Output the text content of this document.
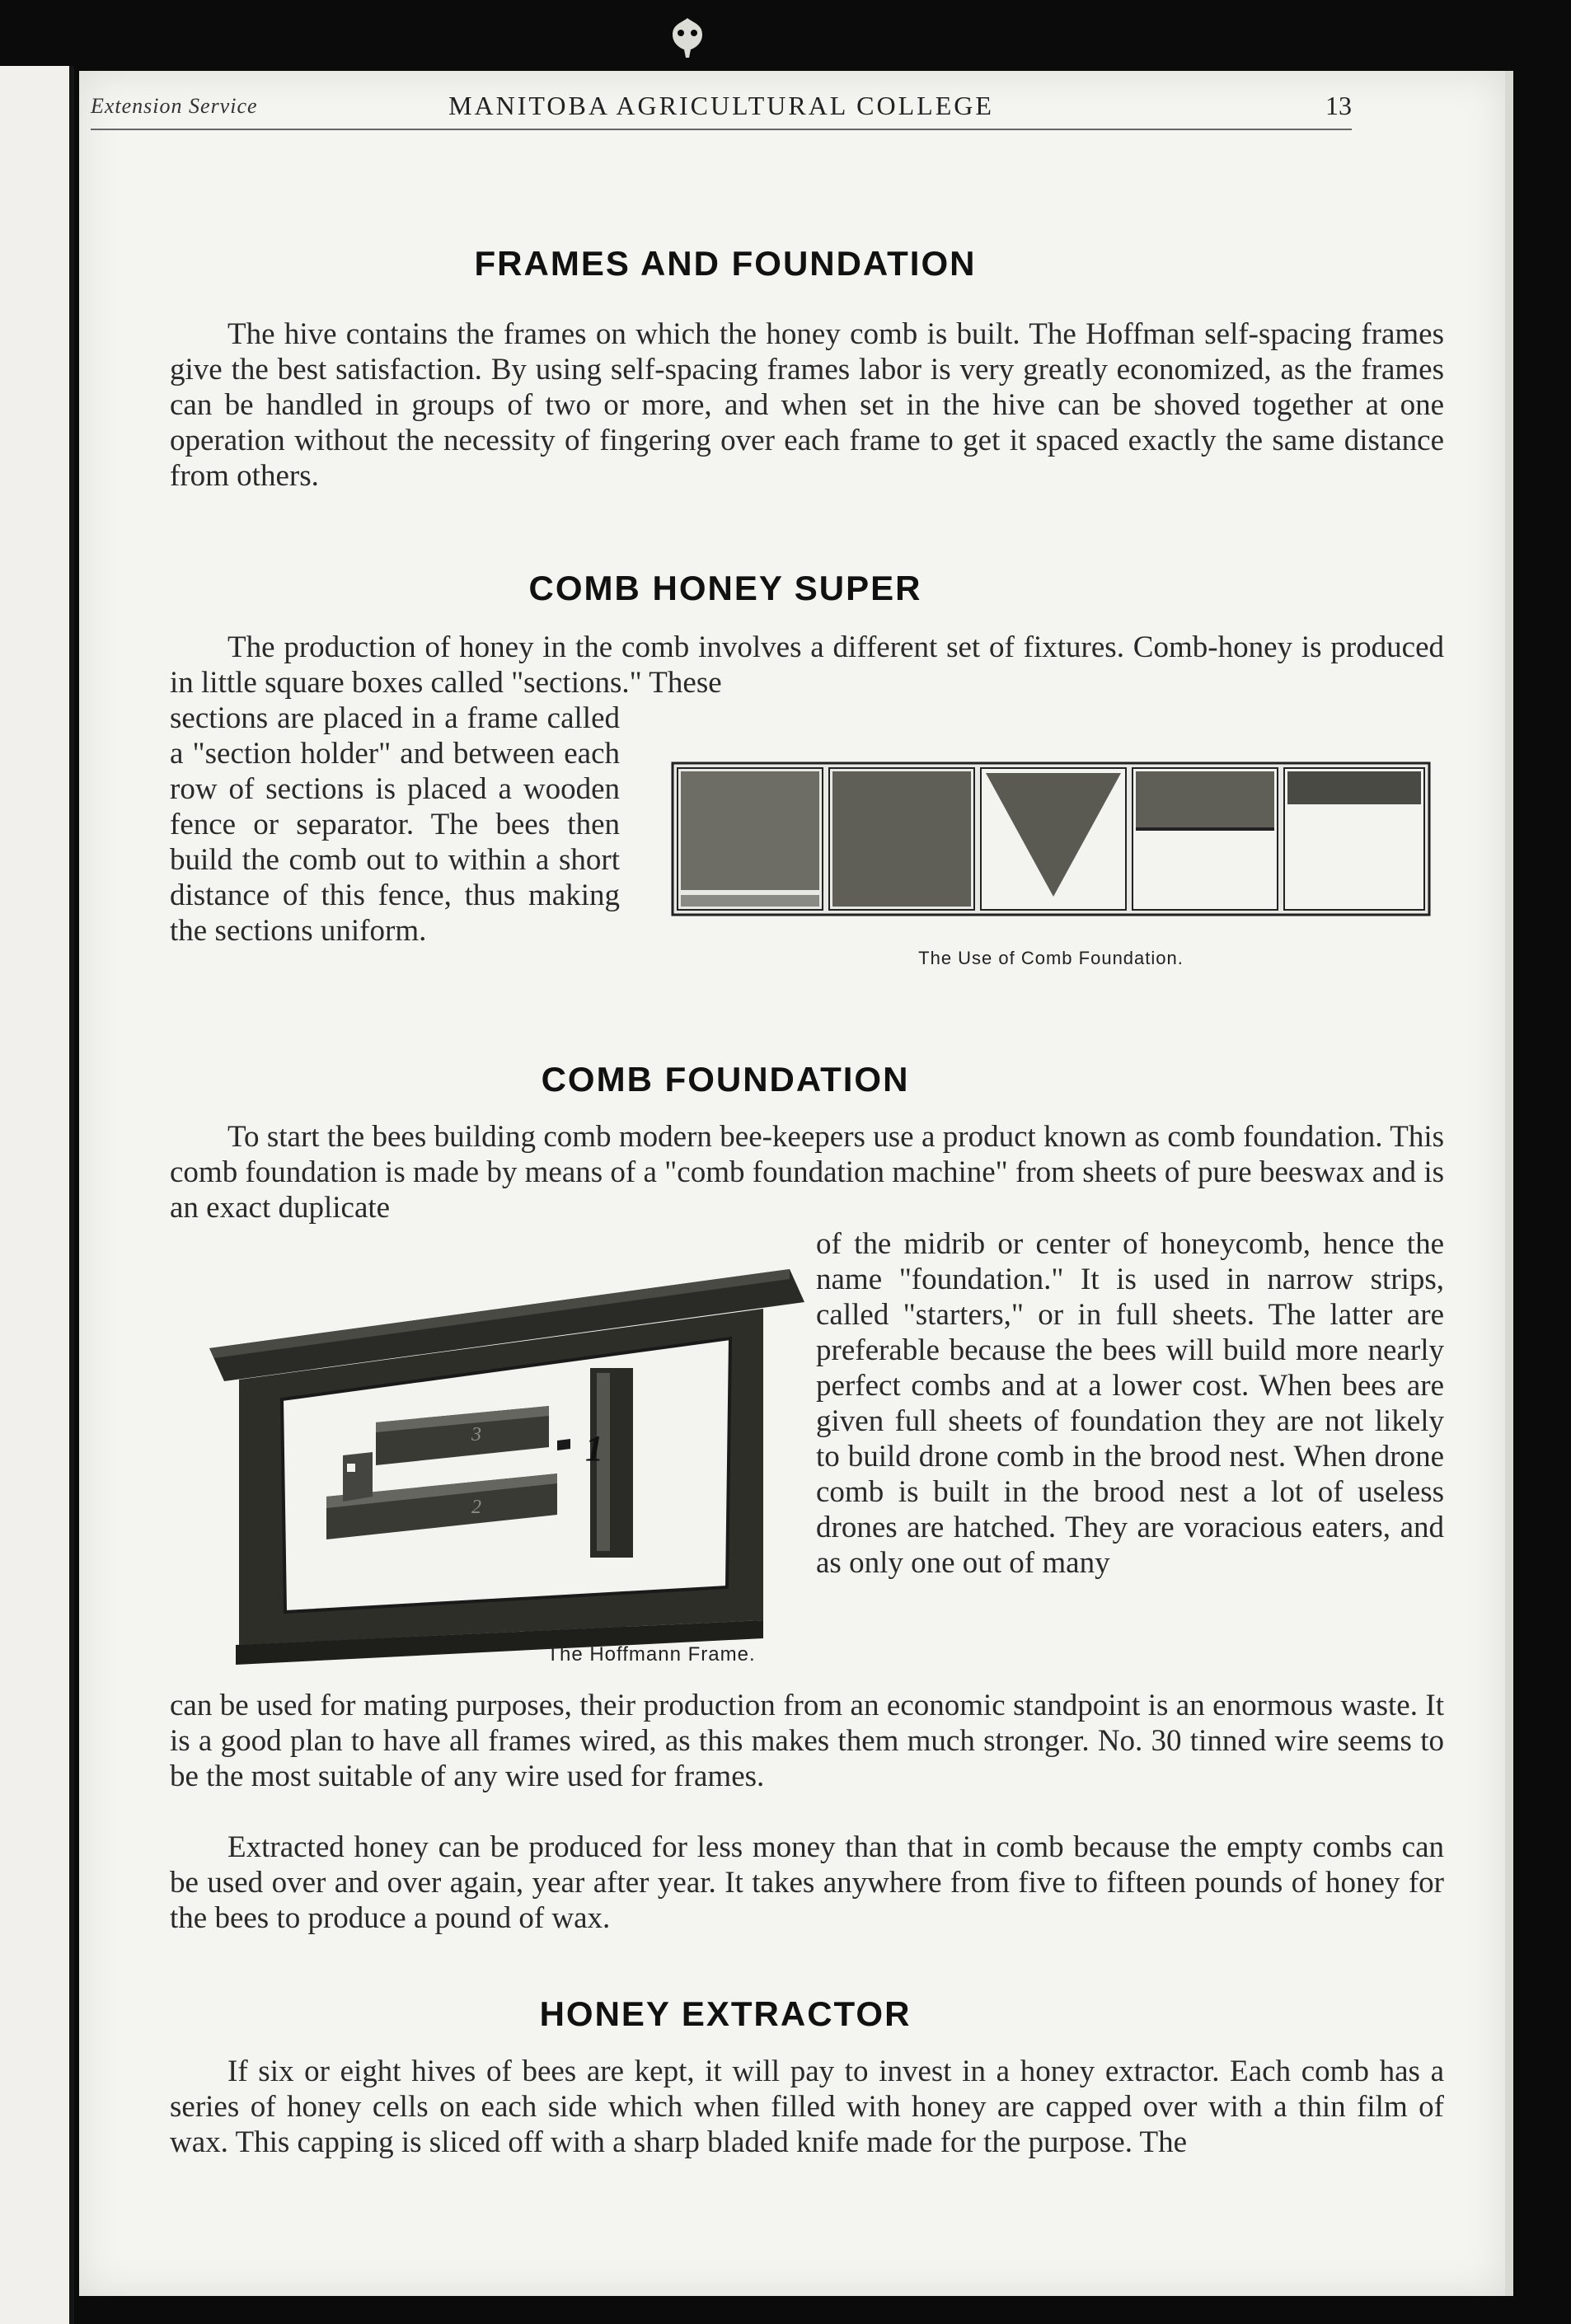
Extension Service	MANITOBA AGRICULTURAL COLLEGE	13
FRAMES AND FOUNDATION

The hive contains the frames on which the honey comb is built. The Hoffman self-spacing frames give the best satisfaction. By using self-spacing frames labor is very greatly economized, as the frames can be handled in groups of two or more, and when set in the hive can be shoved together at one operation without the necessity of fingering over each frame to get it spaced exactly the same distance from others.

COMB HONEY SUPER

The production of honey in the comb involves a different set of fixtures. Comb-honey is produced in little square boxes called "sections." These

sections are placed in a frame called a "section holder" and between each row of sections is placed a wooden fence or separator. The bees then build the comb out to within a short distance of this fence, thus making the sections uniform.

The Use of Comb Foundation.
COMB FOUNDATION

To start the bees building comb modern bee-keepers use a product known as comb foundation. This comb foundation is made by means of a "comb foundation machine" from sheets of pure beeswax and is an exact duplicate

of the midrib or center of honeycomb, hence the name "foundation." It is used in narrow strips, called "starters," or in full sheets. The latter are preferable because the bees will build more nearly perfect combs and at a lower cost. When bees are given full sheets of foundation they are not likely to build drone comb in the brood nest. When drone comb is built in the brood nest a lot of useless drones are hatched. They are voracious eaters, and as only one out of many

1
3
2
The Hoffmann Frame.

can be used for mating purposes, their production from an economic standpoint is an enormous waste. It is a good plan to have all frames wired, as this makes them much stronger. No. 30 tinned wire seems to be the most suitable of any wire used for frames.

Extracted honey can be produced for less money than that in comb because the empty combs can be used over and over again, year after year. It takes anywhere from five to fifteen pounds of honey for the bees to produce a pound of wax.

HONEY EXTRACTOR

If six or eight hives of bees are kept, it will pay to invest in a honey extractor. Each comb has a series of honey cells on each side which when filled with honey are capped over with a thin film of wax. This capping is sliced off with a sharp bladed knife made for the purpose. The
